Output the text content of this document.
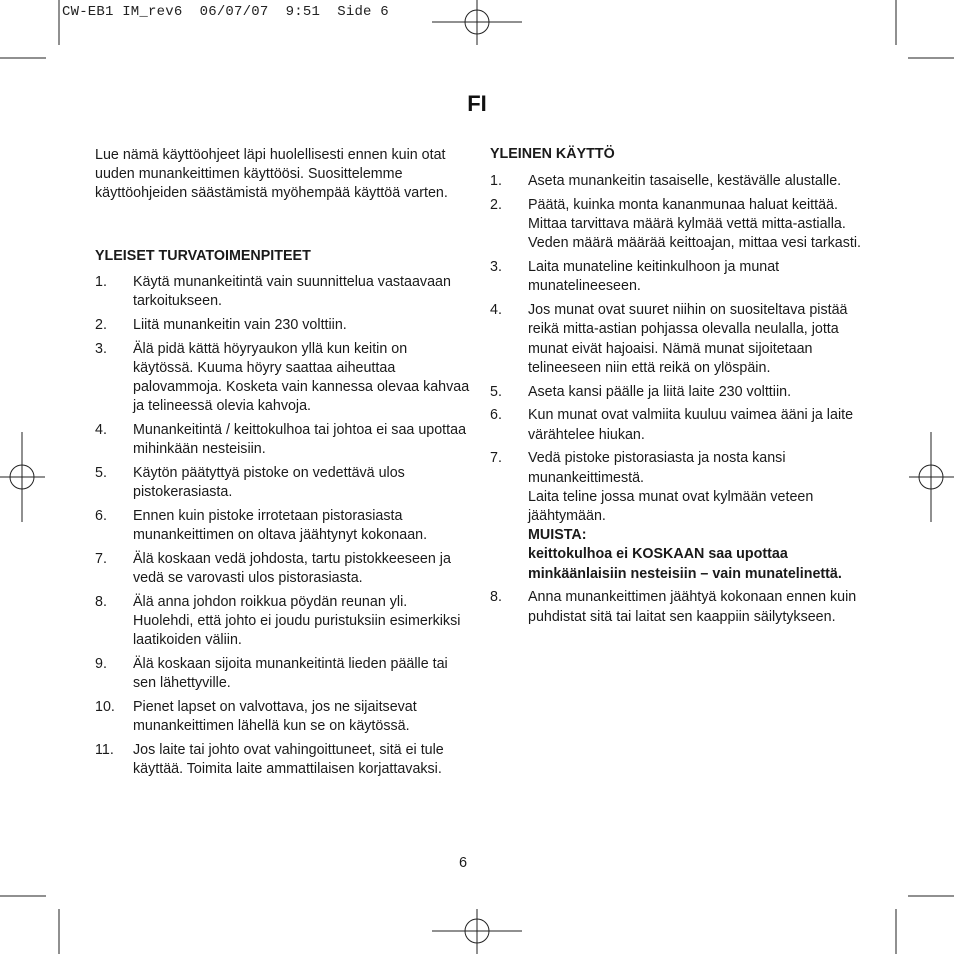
CW-EB1 IM_rev6  06/07/07  9:51  Side 6
FI

Lue nämä käyttöohjeet läpi huolellisesti ennen kuin otat uuden munankeittimen käyttöösi. Suosittelemme käyttöohjeiden säästämistä myöhempää käyttöä varten.

YLEISET TURVATOIMENPITEET
1. Käytä munankeitintä vain suunnittelua vastaavaan tarkoitukseen.
2. Liitä munankeitin vain 230 volttiin.
3. Älä pidä kättä höyryaukon yllä kun keitin on käytössä. Kuuma höyry saattaa aiheuttaa palovammoja. Kosketa vain kannessa olevaa kahvaa ja telineessä olevia kahvoja.
4. Munankeitintä / keittokulhoa tai johtoa ei saa upottaa mihinkään nesteisiin.
5. Käytön päätyttyä pistoke on vedettävä ulos pistokerasiasta.
6. Ennen kuin pistoke irrotetaan pistorasiasta munankeittimen on oltava jäähtynyt kokonaan.
7. Älä koskaan vedä johdosta, tartu pistokkeeseen ja vedä se varovasti ulos pistorasiasta.
8. Älä anna johdon roikkua pöydän reunan yli. Huolehdi, että johto ei joudu puristuksiin esimerkiksi laatikoiden väliin.
9. Älä koskaan sijoita munankeitintä lieden päälle tai sen lähettyville.
10. Pienet lapset on valvottava, jos ne sijaitsevat munankeittimen lähellä kun se on käytössä.
11. Jos laite tai johto ovat vahingoittuneet, sitä ei tule käyttää. Toimita laite ammattilaisen korjattavaksi.
YLEINEN KÄYTTÖ
1. Aseta munankeitin tasaiselle, kestävälle alustalle.
2. Päätä, kuinka monta kananmunaa haluat keittää. Mittaa tarvittava määrä kylmää vettä mitta-astialla. Veden määrä määrää keittoajan, mittaa vesi tarkasti.
3. Laita munateline keitinkulhoon ja munat munatelineeseen.
4. Jos munat ovat suuret niihin on suositeltava pistää reikä mitta-astian pohjassa olevalla neulalla, jotta munat eivät hajoaisi. Nämä munat sijoitetaan telineeseen niin että reikä on ylöspäin.
5. Aseta kansi päälle ja liitä laite 230 volttiin.
6. Kun munat ovat valmiita kuuluu vaimea ääni ja laite värähtelee hiukan.
7. Vedä pistoke pistorasiasta ja nosta kansi munankeittimestä.
Laita teline jossa munat ovat kylmään veteen jäähtymään.
MUISTA:
keittokulhoa ei KOSKAAN saa upottaa minkäänlaisiin nesteisiin – vain munatelinettä.
8. Anna munankeittimen jäähtyä kokonaan ennen kuin puhdistat sitä tai laitat sen kaappiin säilytykseen.
6
